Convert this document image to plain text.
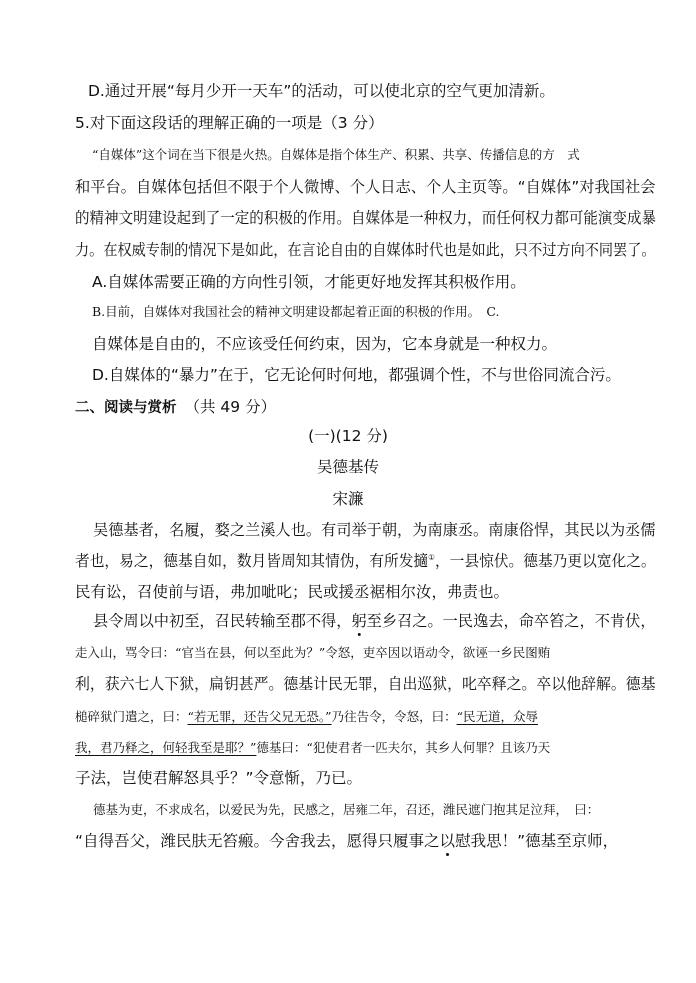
D.通过开展“每月少开一天车”的活动，可以使北京的空气更加清新。
5.对下面这段话的理解正确的一项是（3 分）
“自媒体”这个词在当下很是火热。自媒体是指个体生产、积累、共享、传播信息的方　式
和平台。自媒体包括但不限于个人微博、个人日志、个人主页等。“自媒体”对我国社会
的精神文明建设起到了一定的积极的作用。自媒体是一种权力，而任何权力都可能演变成暴
力。在权威专制的情况下是如此，在言论自由的自媒体时代也是如此，只不过方向不同罢了。
A.自媒体需要正确的方向性引领，才能更好地发挥其积极作用。
B.目前，自媒体对我国社会的精神文明建设都起着正面的积极的作用。　C.
自媒体是自由的，不应该受任何约束，因为，它本身就是一种权力。
D.自媒体的“暴力”在于，它无论何时何地，都强调个性，不与世俗同流合污。
二、阅读与赏析 （共 49 分）
(一)(12 分)
吴德基传
宋濂
吴德基者，名履，婺之兰溪人也。有司举于朝，为南康丞。南康俗悍，其民以为丞儒
者也，易之，德基自如，数月皆周知其情伪，有所发擿①，一县惊伏。德基乃更以宽化之。
民有讼，召使前与语，弗加呲叱；民或援丞裾相尔汝，弗责也。
县令周以中初至，召民转输至郡不得，躬至乡召之。一民逸去，命卒笞之，不肯伏，
走入山，骂令曰：“官当在县，何以至此为？”令怒，吏卒因以语动令，欲诬一乡民图贿
利，获六七人下狱，扁钥甚严。德基计民无罪，自出巡狱，叱卒释之。卒以他辞解。德基
槌碎狱门遣之，曰：“若无罪，还告父兄无恐。”乃往告令，令怒，曰：“民无道，众辱
我，君乃释之，何轻我至是耶？”德基曰：“犯使君者一匹夫尔，其乡人何罪？且该乃天
子法，岂使君解怒具乎？”令意惭，乃已。
德基为吏，不求成名，以爱民为先，民感之，居雍二年，召还，潍民遮门抱其足泣拜，　曰：
“自得吾父，潍民肤无笞瘢。今舍我去，愿得只履事之以慰我思！”德基至京师，
